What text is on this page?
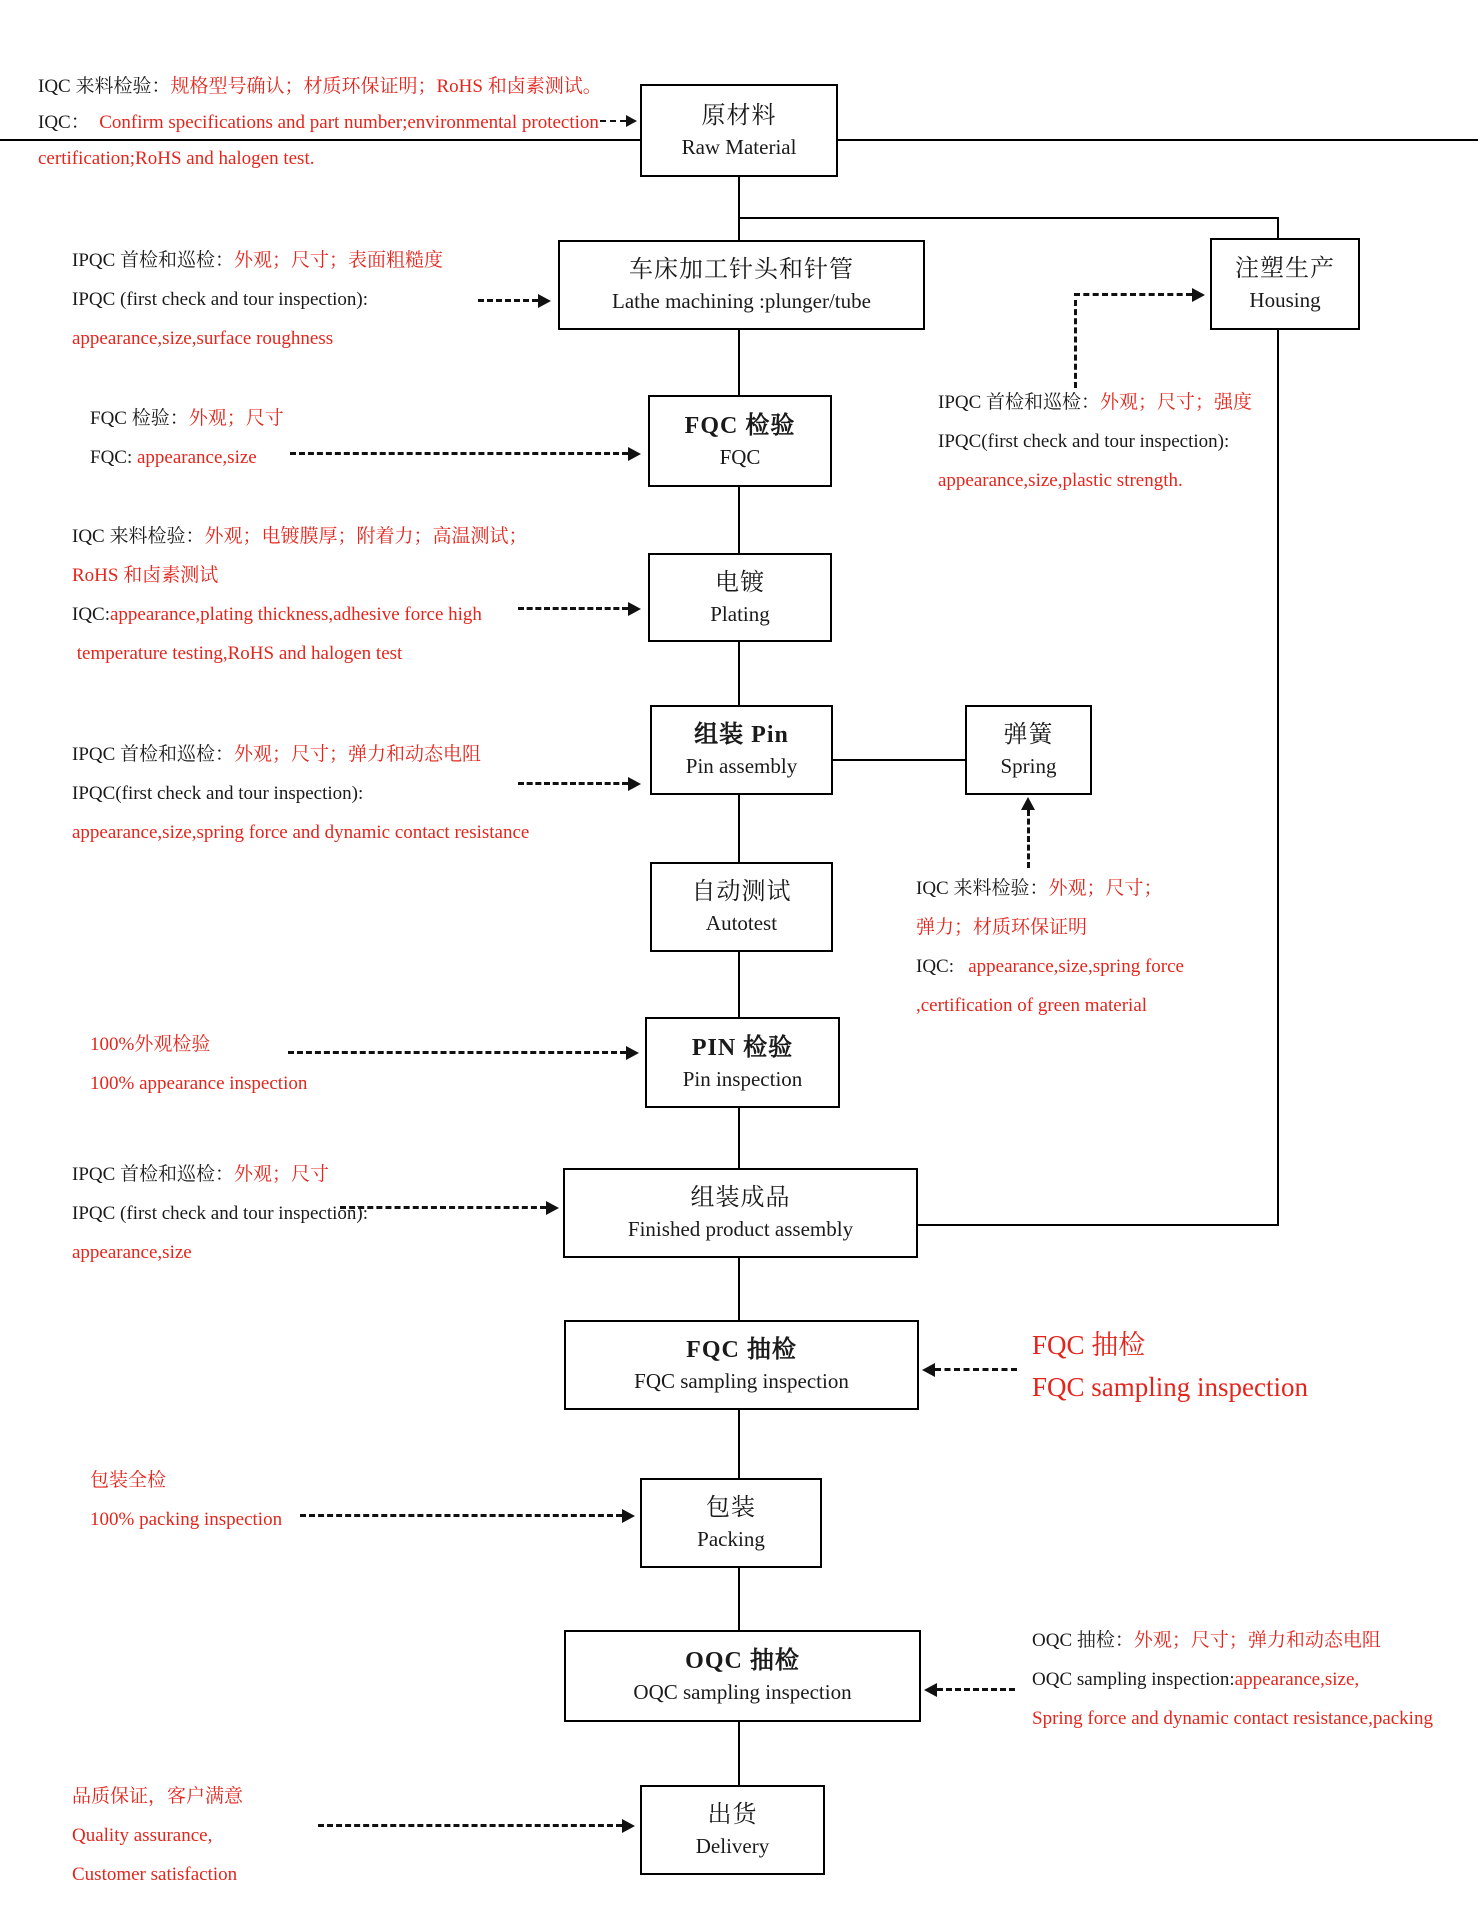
原材料
Raw Material
车床加工针头和针管
Lathe machining :plunger/tube
注塑生产
Housing
FQC 检验
FQC
电镀
Plating
组装 Pin
Pin assembly
弹簧
Spring
自动测试
Autotest
PIN 检验
Pin inspection
组装成品
Finished product assembly
FQC 抽检
FQC sampling inspection
包装
Packing
OQC 抽检
OQC sampling inspection
出货
Delivery
IQC 来料检验：规格型号确认；材质环保证明；RoHS 和卤素测试。
IQC：  Confirm specifications and part number;environmental protection
certification;RoHS and halogen test.
IPQC 首检和巡检：外观；尺寸；表面粗糙度
IPQC (first check and tour inspection):
appearance,size,surface roughness
FQC 检验：外观；尺寸
FQC: appearance,size
IPQC 首检和巡检：外观；尺寸；强度
IPQC(first check and tour inspection):
appearance,size,plastic strength.
IQC 来料检验：外观；电镀膜厚；附着力；高温测试；
RoHS 和卤素测试
IQC:appearance,plating thickness,adhesive force high
temperature testing,RoHS and halogen test
IPQC 首检和巡检：外观；尺寸；弹力和动态电阻
IPQC(first check and tour inspection):
appearance,size,spring force and dynamic contact resistance
IQC 来料检验：外观；尺寸；
弹力；材质环保证明
IQC:   appearance,size,spring force
,certification of green material
100%外观检验
100% appearance inspection
IPQC 首检和巡检：外观；尺寸
IPQC (first check and tour inspection):
appearance,size
FQC 抽检
FQC sampling inspection
包装全检
100% packing inspection
OQC 抽检：外观；尺寸；弹力和动态电阻
OQC sampling inspection:appearance,size,
Spring force and dynamic contact resistance,packing
品质保证，客户满意
Quality assurance,
Customer satisfaction
